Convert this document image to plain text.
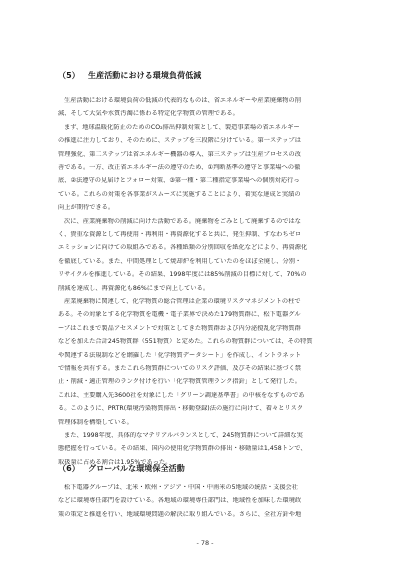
（5） 生産活動における環境負荷低減
生産活動における環境負荷の低減の代表的なものは、省エネルギーや産業廃棄物の削
減、そして大気や水質汚濁に係わる特定化学物質の管理である。
まず、地球温暖化防止のためのCO₂排出抑制対策として、製造事業場の省エネルギー
の推進に注力しており、そのために、ステップを三段階に分けている。第一ステップは
管理強化、第二ステップは省エネルギー機器の導入、第三ステップは生産プロセスの改
善である。一方、改正省エネルギー法の遵守のため、①判断基準の遵守と事業場への徹
底、②法遵守の見届けとフォロー対策、③第一種・第二種指定事業場への個別対応行っ
ている。これらの対策を各事業がスムーズに実施することにより、着実な達成と実績の
向上が期待できる。
次に、産業廃棄物の削減に向けた活動である。廃棄物をごみとして廃棄するのではな
く、貴重な資源として再使用・再利用・再資源化すると共に、発生抑制、すなわちゼロ
エミッションに向けての取組みである。各種紙類の分別回収を紙化などにより、再資源化
を徹底している。また、中間処理として焼却炉を利用していたのをほぼ全廃し、分別・
リサイクルを推進している。その結果、1998年度には85%削減の目標に対して、70%の
削減を達成し、再資源化も86%にまで向上している。
産業廃棄物に関連して、化学物質の総合管理は企業の環境リスクマネジメントの柱で
ある。その対象とする化学物質を電機・電子業界で決めた179物質群に、松下電器グル
ープはこれまで製品アセスメントで対策としてきた物質群および内分泌撹乱化学物質群
などを加えた合計245物質群（551物質）と定めた。これらの物質群については、その特質
や関連する法規制などを網羅した「化学物質データシート」を作成し、イントラネット
で情報を共有する。またこれら物質群についてのリスク評価、及びその結果に基づく禁
止・削減・適正管理のランク付けを行い「化学物質管理ランク指針」として発行した。
これは、主要購入先3600社を対象にした「グリーン調達基準書」の中核をなすものであ
る。このように、PRTR(環境汚染物質排出・移動登録)法の施行に向けて、着々とリスク
管理体制を構築している。
また、1998年度、具体的なマテリアルバランスとして、245物質群について詳細な実
態把握を行っている。その結果、国内の使用化学物質群の排出・移動量は1,458トンで、
取扱量に占める割合は1.95%であった。
（6） グローバルな環境保全活動
松下電器グループは、北米・欧州・アジア・中国・中南米の5地域の統括・支援会社
などに環境専任部門を設けている。各地域の環境専任部門は、地域性を加味した環境政
策の策定と推進を行い、地域環境問題の解決に取り組んでいる。さらに、全社方針や地
- 78 -
